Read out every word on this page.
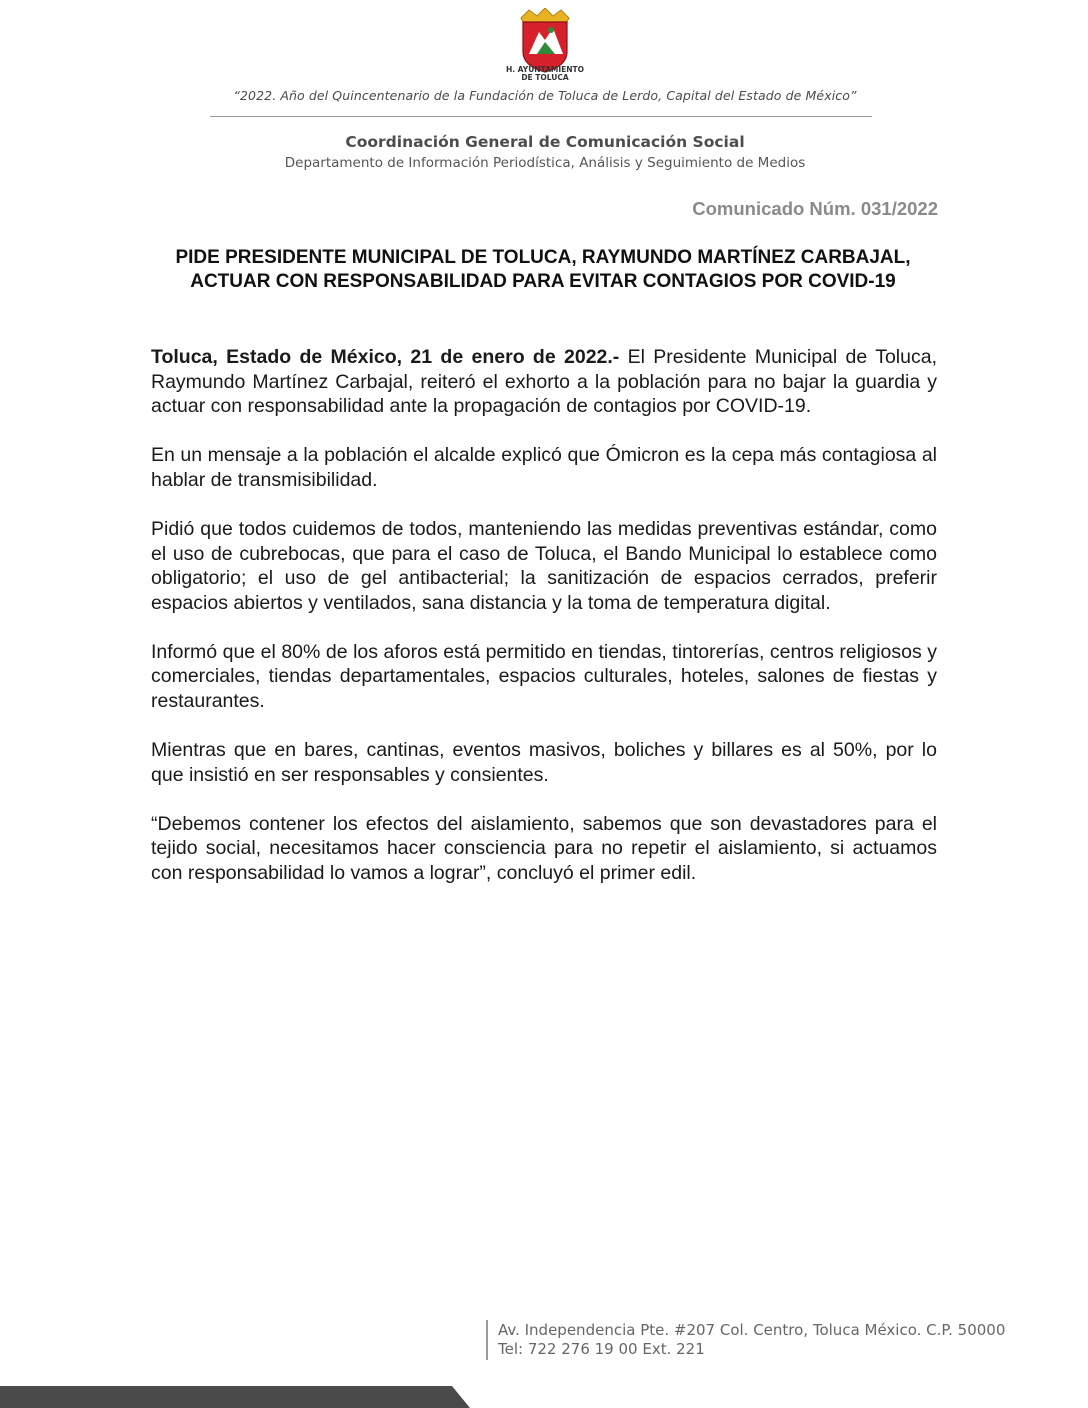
H. AYUNTAMIENTO
DE TOLUCA
“2022. Año del Quincentenario de la Fundación de Toluca de Lerdo, Capital del Estado de México”
Coordinación General de Comunicación Social
Departamento de Información Periodística, Análisis y Seguimiento de Medios
Comunicado Núm. 031/2022
PIDE PRESIDENTE MUNICIPAL DE TOLUCA, RAYMUNDO MARTÍNEZ CARBAJAL, ACTUAR CON RESPONSABILIDAD PARA EVITAR CONTAGIOS POR COVID-19

Toluca, Estado de México, 21 de enero de 2022.- El Presidente Municipal de Toluca, Raymundo Martínez Carbajal, reiteró el exhorto a la población para no bajar la guardia y actuar con responsabilidad ante la propagación de contagios por COVID-19.

En un mensaje a la población el alcalde explicó que Ómicron es la cepa más contagiosa al hablar de transmisibilidad.

Pidió que todos cuidemos de todos, manteniendo las medidas preventivas estándar, como el uso de cubrebocas, que para el caso de Toluca, el Bando Municipal lo establece como obligatorio; el uso de gel antibacterial; la sanitización de espacios cerrados, preferir espacios abiertos y ventilados, sana distancia y la toma de temperatura digital.

Informó que el 80% de los aforos está permitido en tiendas, tintorerías, centros religiosos y comerciales, tiendas departamentales, espacios culturales, hoteles, salones de fiestas y restaurantes.

Mientras que en bares, cantinas, eventos masivos, boliches y billares es al 50%, por lo que insistió en ser responsables y consientes.

“Debemos contener los efectos del aislamiento, sabemos que son devastadores para el tejido social, necesitamos hacer consciencia para no repetir el aislamiento, si actuamos con responsabilidad lo vamos a lograr”, concluyó el primer edil.

Av. Independencia Pte. #207 Col. Centro, Toluca México. C.P. 50000
Tel: 722 276 19 00 Ext. 221
